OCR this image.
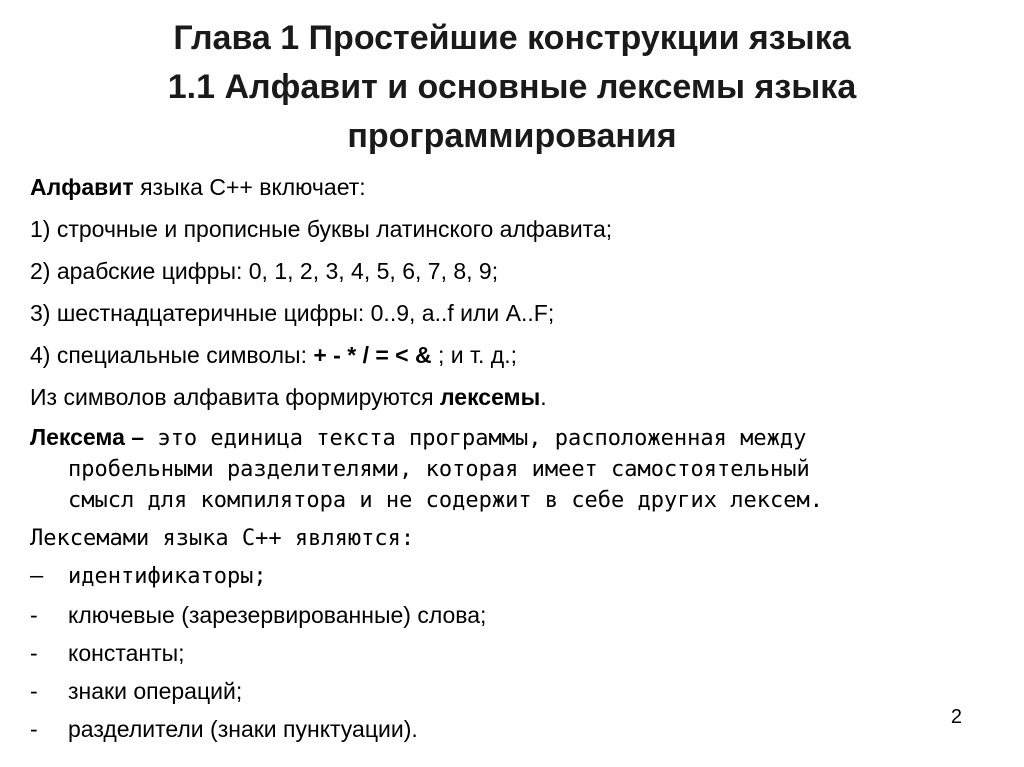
Глава 1 Простейшие конструкции языка
1.1 Алфавит и основные лексемы языка
программирования
Алфавит языка С++ включает:
1) строчные и прописные буквы латинского алфавита;
2) арабские цифры: 0, 1, 2, 3, 4, 5, 6, 7, 8, 9;
3) шестнадцатеричные цифры: 0..9, a..f или A..F;
4) специальные символы: + - * / = < & ; и т. д.;
Из символов алфавита формируются лексемы.
Лексема – это единица текста программы, расположенная между
пробельными разделителями, которая имеет самостоятельный
смысл для компилятора и не содержит в себе других лексем.
Лексемами языка С++ являются:
– идентификаторы;
- ключевые (зарезервированные) слова;
- константы;
- знаки операций;
- разделители (знаки пунктуации).	2
